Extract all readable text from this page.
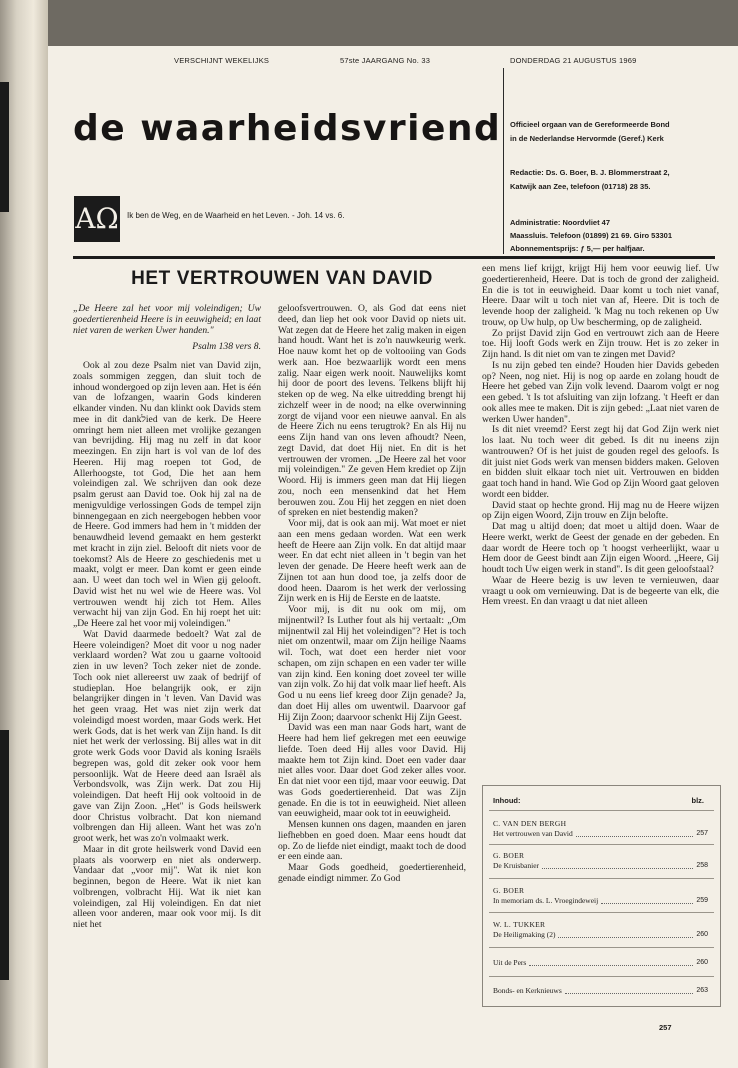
VERSCHIJNT WEKELIJKS	57ste JAARGANG No. 33	DONDERDAG 21 AUGUSTUS 1969
de waarheidsvriend
ΑΩ Ik ben de Weg, en de Waarheid en het Leven. - Joh. 14 vs. 6.
Officieel orgaan van de Gereformeerde Bond
in de Nederlandse Hervormde (Geref.) Kerk
Redactie: Ds. G. Boer, B. J. Blommerstraat 2,
Katwijk aan Zee, telefoon (01718) 28 35.
Administratie: Noordvliet 47
Maassluis. Telefoon (01899) 21 69. Giro 53301
Abonnementsprijs: ƒ 5,— per halfjaar.
HET VERTROUWEN VAN DAVID
„De Heere zal het voor mij voleindigen; Uw goedertierenheid Heere is in eeuwigheid; en laat niet varen de werken Uwer handen."
Psalm 138 vers 8.

Ook al zou deze Psalm niet van David zijn, zoals sommigen zeggen, dan sluit toch de inhoud wondergoed op zijn leven aan. Het is één van de lofzangen, waarin Gods kinderen elkander vinden. Nu dan klinkt ook Davids stem mee in dit dankלied van de kerk. De Heere omringt hem niet alleen met vrolijke gezangen van bevrijding. Hij mag nu zelf in dat koor meezingen. En zijn hart is vol van de lof des Heeren. Hij mag roepen tot God, de Allerhoogste, tot God, Die het aan hem voleindigen zal. We schrijven dan ook deze psalm gerust aan David toe. Ook hij zal na de menigvuldige verlossingen Gods de tempel zijn binnengegaan en zich neergebogen hebben voor de Heere. God immers had hem in 't midden der benauwdheid levend gemaakt en hem gesterkt met kracht in zijn ziel. Belooft dit niets voor de toekomst? Als de Heere zo geschiedenis met u maakt, volgt er meer. Dan komt er geen einde aan. U weet dan toch wel in Wien gij gelooft. David wist het nu wel wie de Heere was. Vol vertrouwen wendt hij zich tot Hem. Alles verwacht hij van zijn God. En hij roept het uit: „De Heere zal het voor mij voleindigen."

Wat David daarmede bedoelt? Wat zal de Heere voleindigen? Moet dit voor u nog nader verklaard worden? Wat zou u gaarne voltooid zien in uw leven? Toch zeker niet de zonde. Toch ook niet allereerst uw zaak of bedrijf of studieplan. Hoe belangrijk ook, er zijn belangrijker dingen in 't leven. Van David was het geen vraag. Het was niet zijn werk dat voleindigd moest worden, maar Gods werk. Het werk Gods, dat is het werk van Zijn hand. Is dit niet het werk der verlossing. Bij alles wat in dit grote werk Gods voor David als koning Israëls begrepen was, gold dit zeker ook voor hem persoonlijk. Wat de Heere deed aan Israël als Verbondsvolk, was Zijn werk. Dat zou Hij voleindigen. Dat heeft Hij ook voltooid in de gave van Zijn Zoon. „Het" is Gods heilswerk door Christus volbracht. Dat kon niemand volbrengen dan Hij alleen. Want het was zo'n groot werk, het was zo'n volmaakt werk.

Maar in dit grote heilswerk vond David een plaats als voorwerp en niet als onderwerp. Vandaar dat „voor mij". Wat ik niet kon beginnen, begon de Heere. Wat ik niet kan volbrengen, volbracht Hij. Wat ik niet kan voleindigen, zal Hij voleindigen. En dat niet alleen voor anderen, maar ook voor mij. Is dit niet het

geloofsvertrouwen. O, als God dat eens niet deed, dan liep het ook voor David op niets uit. Wat zegen dat de Heere het zalig maken in eigen hand houdt. Want het is zo'n nauwkeurig werk. Hoe nauw komt het op de voltooiing van Gods werk aan. Hoe bezwaarlijk wordt een mens zalig. Naar eigen werk nooit. Nauwelijks komt hij door de poort des levens. Telkens blijft hij steken op de weg. Na elke uitredding brengt hij zichzelf weer in de nood; na elke overwinning zorgt de vijand voor een nieuwe aanval. En als de Heere Zich nu eens terugtrok? En als Hij nu eens Zijn hand van ons leven afhoudt? Neen, zegt David, dat doet Hij niet. En dit is het vertrouwen der vromen. „De Heere zal het voor mij voleindigen." Ze geven Hem krediet op Zijn Woord. Hij is immers geen man dat Hij liegen zou, noch een mensenkind dat het Hem berouwen zou. Zou Hij het zeggen en niet doen of spreken en niet bestendig maken?

Voor mij, dat is ook aan mij. Wat moet er niet aan een mens gedaan worden. Wat een werk heeft de Heere aan Zijn volk. En dat altijd maar weer. En dat echt niet alleen in 't begin van het leven der genade. De Heere heeft werk aan de Zijnen tot aan hun dood toe, ja zelfs door de dood heen. Daarom is het werk der verlossing Zijn werk en is Hij de Eerste en de laatste.

Voor mij, is dit nu ook om mij, om mijnentwil? Is Luther fout als hij vertaalt: „Om mijnentwil zal Hij het voleindigen"? Het is toch niet om onzentwil, maar om Zijn heilige Naams wil. Toch, wat doet een herder niet voor schapen, om zijn schapen en een vader ter wille van zijn kind. Een koning doet zoveel ter wille van zijn volk. Zo hij dat volk maar lief heeft. Als God u nu eens lief kreeg door Zijn genade? Ja, dan doet Hij alles om uwentwil. Daarvoor gaf Hij Zijn Zoon; daarvoor schenkt Hij Zijn Geest.

David was een man naar Gods hart, want de Heere had hem lief gekregen met een eeuwige liefde. Toen deed Hij alles voor David. Hij maakte hem tot Zijn kind. Doet een vader daar niet alles voor. Daar doet God zeker alles voor. En dat niet voor een tijd, maar voor eeuwig. Dat was Gods goedertierenheid. Dat was Zijn genade. En die is tot in eeuwigheid. Niet alleen van eeuwigheid, maar ook tot in eeuwigheid.

Mensen kunnen ons dagen, maanden en jaren liefhebben en goed doen. Maar eens houdt dat op. Zo de liefde niet eindigt, maakt toch de dood er een einde aan.

Maar Gods goedheid, goedertierenheid, genade eindigt nimmer. Zo God

een mens lief krijgt, krijgt Hij hem voor eeuwig lief. Uw goedertierenheid, Heere. Dat is toch de grond der zaligheid. En die is tot in eeuwigheid. Daar komt u toch niet vanaf, Heere. Daar wilt u toch niet van af, Heere. Dit is toch de levende hoop der zaligheid. 'k Mag nu toch rekenen op Uw trouw, op Uw hulp, op Uw bescherming, op de zaligheid.

Zo prijst David zijn God en vertrouwt zich aan de Heere toe. Hij looft Gods werk en Zijn trouw. Het is zo zeker in Zijn hand. Is dit niet om van te zingen met David?

Is nu zijn gebed ten einde? Houden hier Davids gebeden op? Neen, nog niet. Hij is nog op aarde en zolang houdt de Heere het gebed van Zijn volk levend. Daarom volgt er nog een gebed. 't Is tot afsluiting van zijn lofzang. 't Heeft er dan ook alles mee te maken. Dit is zijn gebed: „Laat niet varen de werken Uwer handen".

Is dit niet vreemd? Eerst zegt hij dat God Zijn werk niet los laat. Nu toch weer dit gebed. Is dit nu ineens zijn wantrouwen? Of is het juist de gouden regel des geloofs. Is dit juist niet Gods werk van mensen bidders maken. Geloven en bidden sluit elkaar toch niet uit. Vertrouwen en bidden gaat toch hand in hand. Wie God op Zijn Woord gaat geloven wordt een bidder.

David staat op hechte grond. Hij mag nu de Heere wijzen op Zijn eigen Woord, Zijn trouw en Zijn belofte.

Dat mag u altijd doen; dat moet u altijd doen. Waar de Heere werkt, werkt de Geest der genade en der gebeden. En daar wordt de Heere toch op 't hoogst verheerlijkt, waar u Hem door de Geest bindt aan Zijn eigen Woord. „Heere, Gij houdt toch Uw eigen werk in stand". Is dit geen geloofstaal?

Waar de Heere bezig is uw leven te vernieuwen, daar vraagt u ook om vernieuwing. Dat is de begeerte van elk, die Hem vreest. En dan vraagt u dat niet alleen

Inhoud:	blz.
C. VAN DEN BERGH
Het vertrouwen van David	257
G. BOER
De Kruisbanier	258
G. BOER
In memoriam ds. L. Vroegindeweij	259
W. L. TUKKER
De Heiligmaking (2)	260
Uit de Pers	260
Bonds- en Kerknieuws	263
257
